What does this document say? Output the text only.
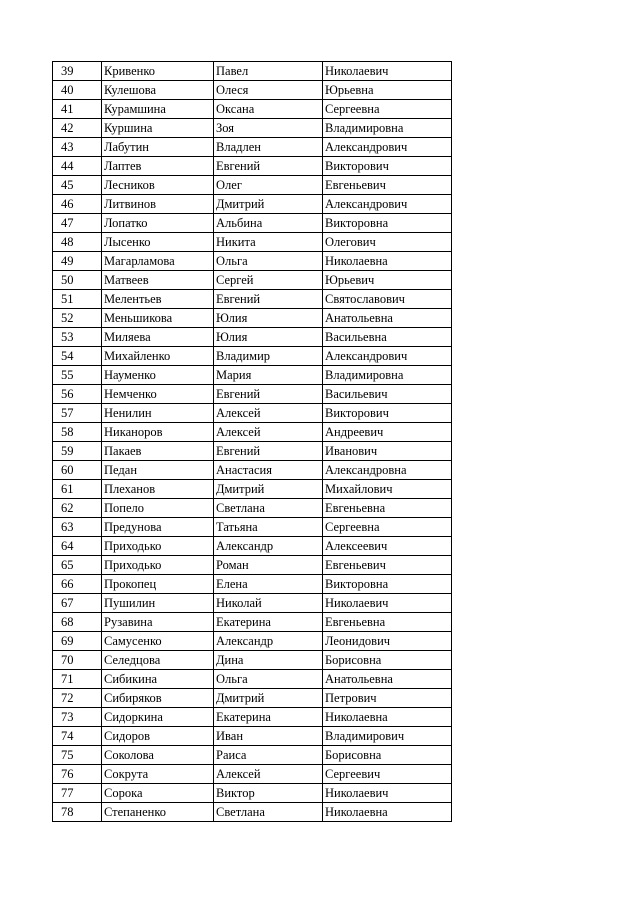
39	Кривенко	Павел	Николаевич
40	Кулешова	Олеся	Юрьевна
41	Курамшина	Оксана	Сергеевна
42	Куршина	Зоя	Владимировна
43	Лабутин	Владлен	Александрович
44	Лаптев	Евгений	Викторович
45	Лесников	Олег	Евгеньевич
46	Литвинов	Дмитрий	Александрович
47	Лопатко	Альбина	Викторовна
48	Лысенко	Никита	Олегович
49	Магарламова	Ольга	Николаевна
50	Матвеев	Сергей	Юрьевич
51	Мелентьев	Евгений	Святославович
52	Меньшикова	Юлия	Анатольевна
53	Миляева	Юлия	Васильевна
54	Михайленко	Владимир	Александрович
55	Науменко	Мария	Владимировна
56	Немченко	Евгений	Васильевич
57	Ненилин	Алексей	Викторович
58	Никаноров	Алексей	Андреевич
59	Пакаев	Евгений	Иванович
60	Педан	Анастасия	Александровна
61	Плеханов	Дмитрий	Михайлович
62	Попело	Светлана	Евгеньевна
63	Предунова	Татьяна	Сергеевна
64	Приходько	Александр	Алексеевич
65	Приходько	Роман	Евгеньевич
66	Прокопец	Елена	Викторовна
67	Пушилин	Николай	Николаевич
68	Рузавина	Екатерина	Евгеньевна
69	Самусенко	Александр	Леонидович
70	Селедцова	Дина	Борисовна
71	Сибикина	Ольга	Анатольевна
72	Сибиряков	Дмитрий	Петрович
73	Сидоркина	Екатерина	Николаевна
74	Сидоров	Иван	Владимирович
75	Соколова	Раиса	Борисовна
76	Сокрута	Алексей	Сергеевич
77	Сорока	Виктор	Николаевич
78	Степаненко	Светлана	Николаевна
